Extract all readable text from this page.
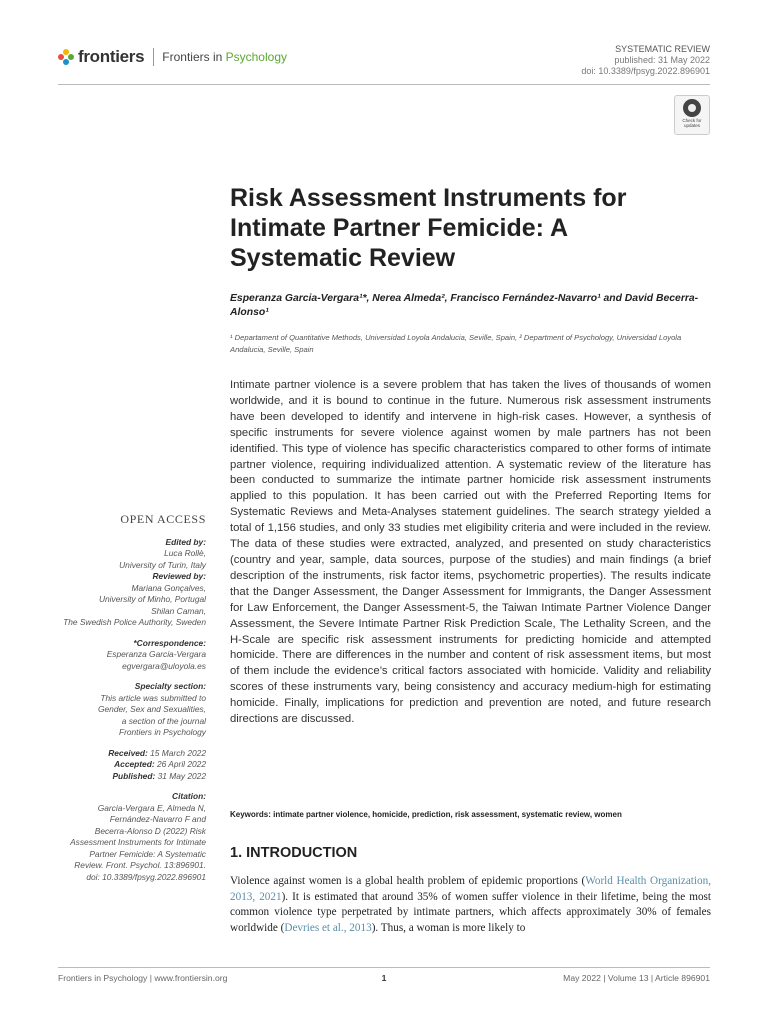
frontiers Frontiers in Psychology
SYSTEMATIC REVIEW
published: 31 May 2022
doi: 10.3389/fpsyg.2022.896901
Check for updates
Risk Assessment Instruments for Intimate Partner Femicide: A Systematic Review
Esperanza Garcia-Vergara¹*, Nerea Almeda², Francisco Fernández-Navarro¹ and David Becerra-Alonso¹
¹ Departament of Quantitative Methods, Universidad Loyola Andalucia, Seville, Spain, ² Department of Psychology, Universidad Loyola Andalucia, Seville, Spain

Intimate partner violence is a severe problem that has taken the lives of thousands of women worldwide, and it is bound to continue in the future. Numerous risk assessment instruments have been developed to identify and intervene in high-risk cases. However, a synthesis of specific instruments for severe violence against women by male partners has not been identified. This type of violence has specific characteristics compared to other forms of intimate partner violence, requiring individualized attention. A systematic review of the literature has been conducted to summarize the intimate partner homicide risk assessment instruments applied to this population. It has been carried out with the Preferred Reporting Items for Systematic Reviews and Meta-Analyses statement guidelines. The search strategy yielded a total of 1,156 studies, and only 33 studies met eligibility criteria and were included in the review. The data of these studies were extracted, analyzed, and presented on study characteristics (country and year, sample, data sources, purpose of the studies) and main findings (a brief description of the instruments, risk factor items, psychometric properties). The results indicate that the Danger Assessment, the Danger Assessment for Immigrants, the Danger Assessment for Law Enforcement, the Danger Assessment-5, the Taiwan Intimate Partner Violence Danger Assessment, the Severe Intimate Partner Risk Prediction Scale, The Lethality Screen, and the H-Scale are specific risk assessment instruments for predicting homicide and attempted homicide. There are differences in the number and content of risk assessment items, but most of them include the evidence’s critical factors associated with homicide. Validity and reliability scores of these instruments vary, being consistency and accuracy medium-high for estimating homicide. Finally, implications for prediction and prevention are noted, and future research directions are discussed.

Keywords: intimate partner violence, homicide, prediction, risk assessment, systematic review, women

1. INTRODUCTION

Violence against women is a global health problem of epidemic proportions (World Health Organization, 2013, 2021). It is estimated that around 35% of women suffer violence in their lifetime, being the most common violence type perpetrated by intimate partners, which affects approximately 30% of females worldwide (Devries et al., 2013). Thus, a woman is more likely to

OPEN ACCESS
Edited by:
Luca Rollè,
University of Turin, Italy
Reviewed by:
Mariana Gonçalves,
University of Minho, Portugal
Shilan Caman,
The Swedish Police Authority, Sweden
*Correspondence:
Esperanza Garcia-Vergara
egvergara@uloyola.es
Specialty section:
This article was submitted to
Gender, Sex and Sexualities,
a section of the journal
Frontiers in Psychology
Received: 15 March 2022
Accepted: 26 April 2022
Published: 31 May 2022
Citation:
Garcia-Vergara E, Almeda N,
Fernández-Navarro F and
Becerra-Alonso D (2022) Risk
Assessment Instruments for Intimate
Partner Femicide: A Systematic
Review. Front. Psychol. 13:896901.
doi: 10.3389/fpsyg.2022.896901
Frontiers in Psychology | www.frontiersin.org	1	May 2022 | Volume 13 | Article 896901
